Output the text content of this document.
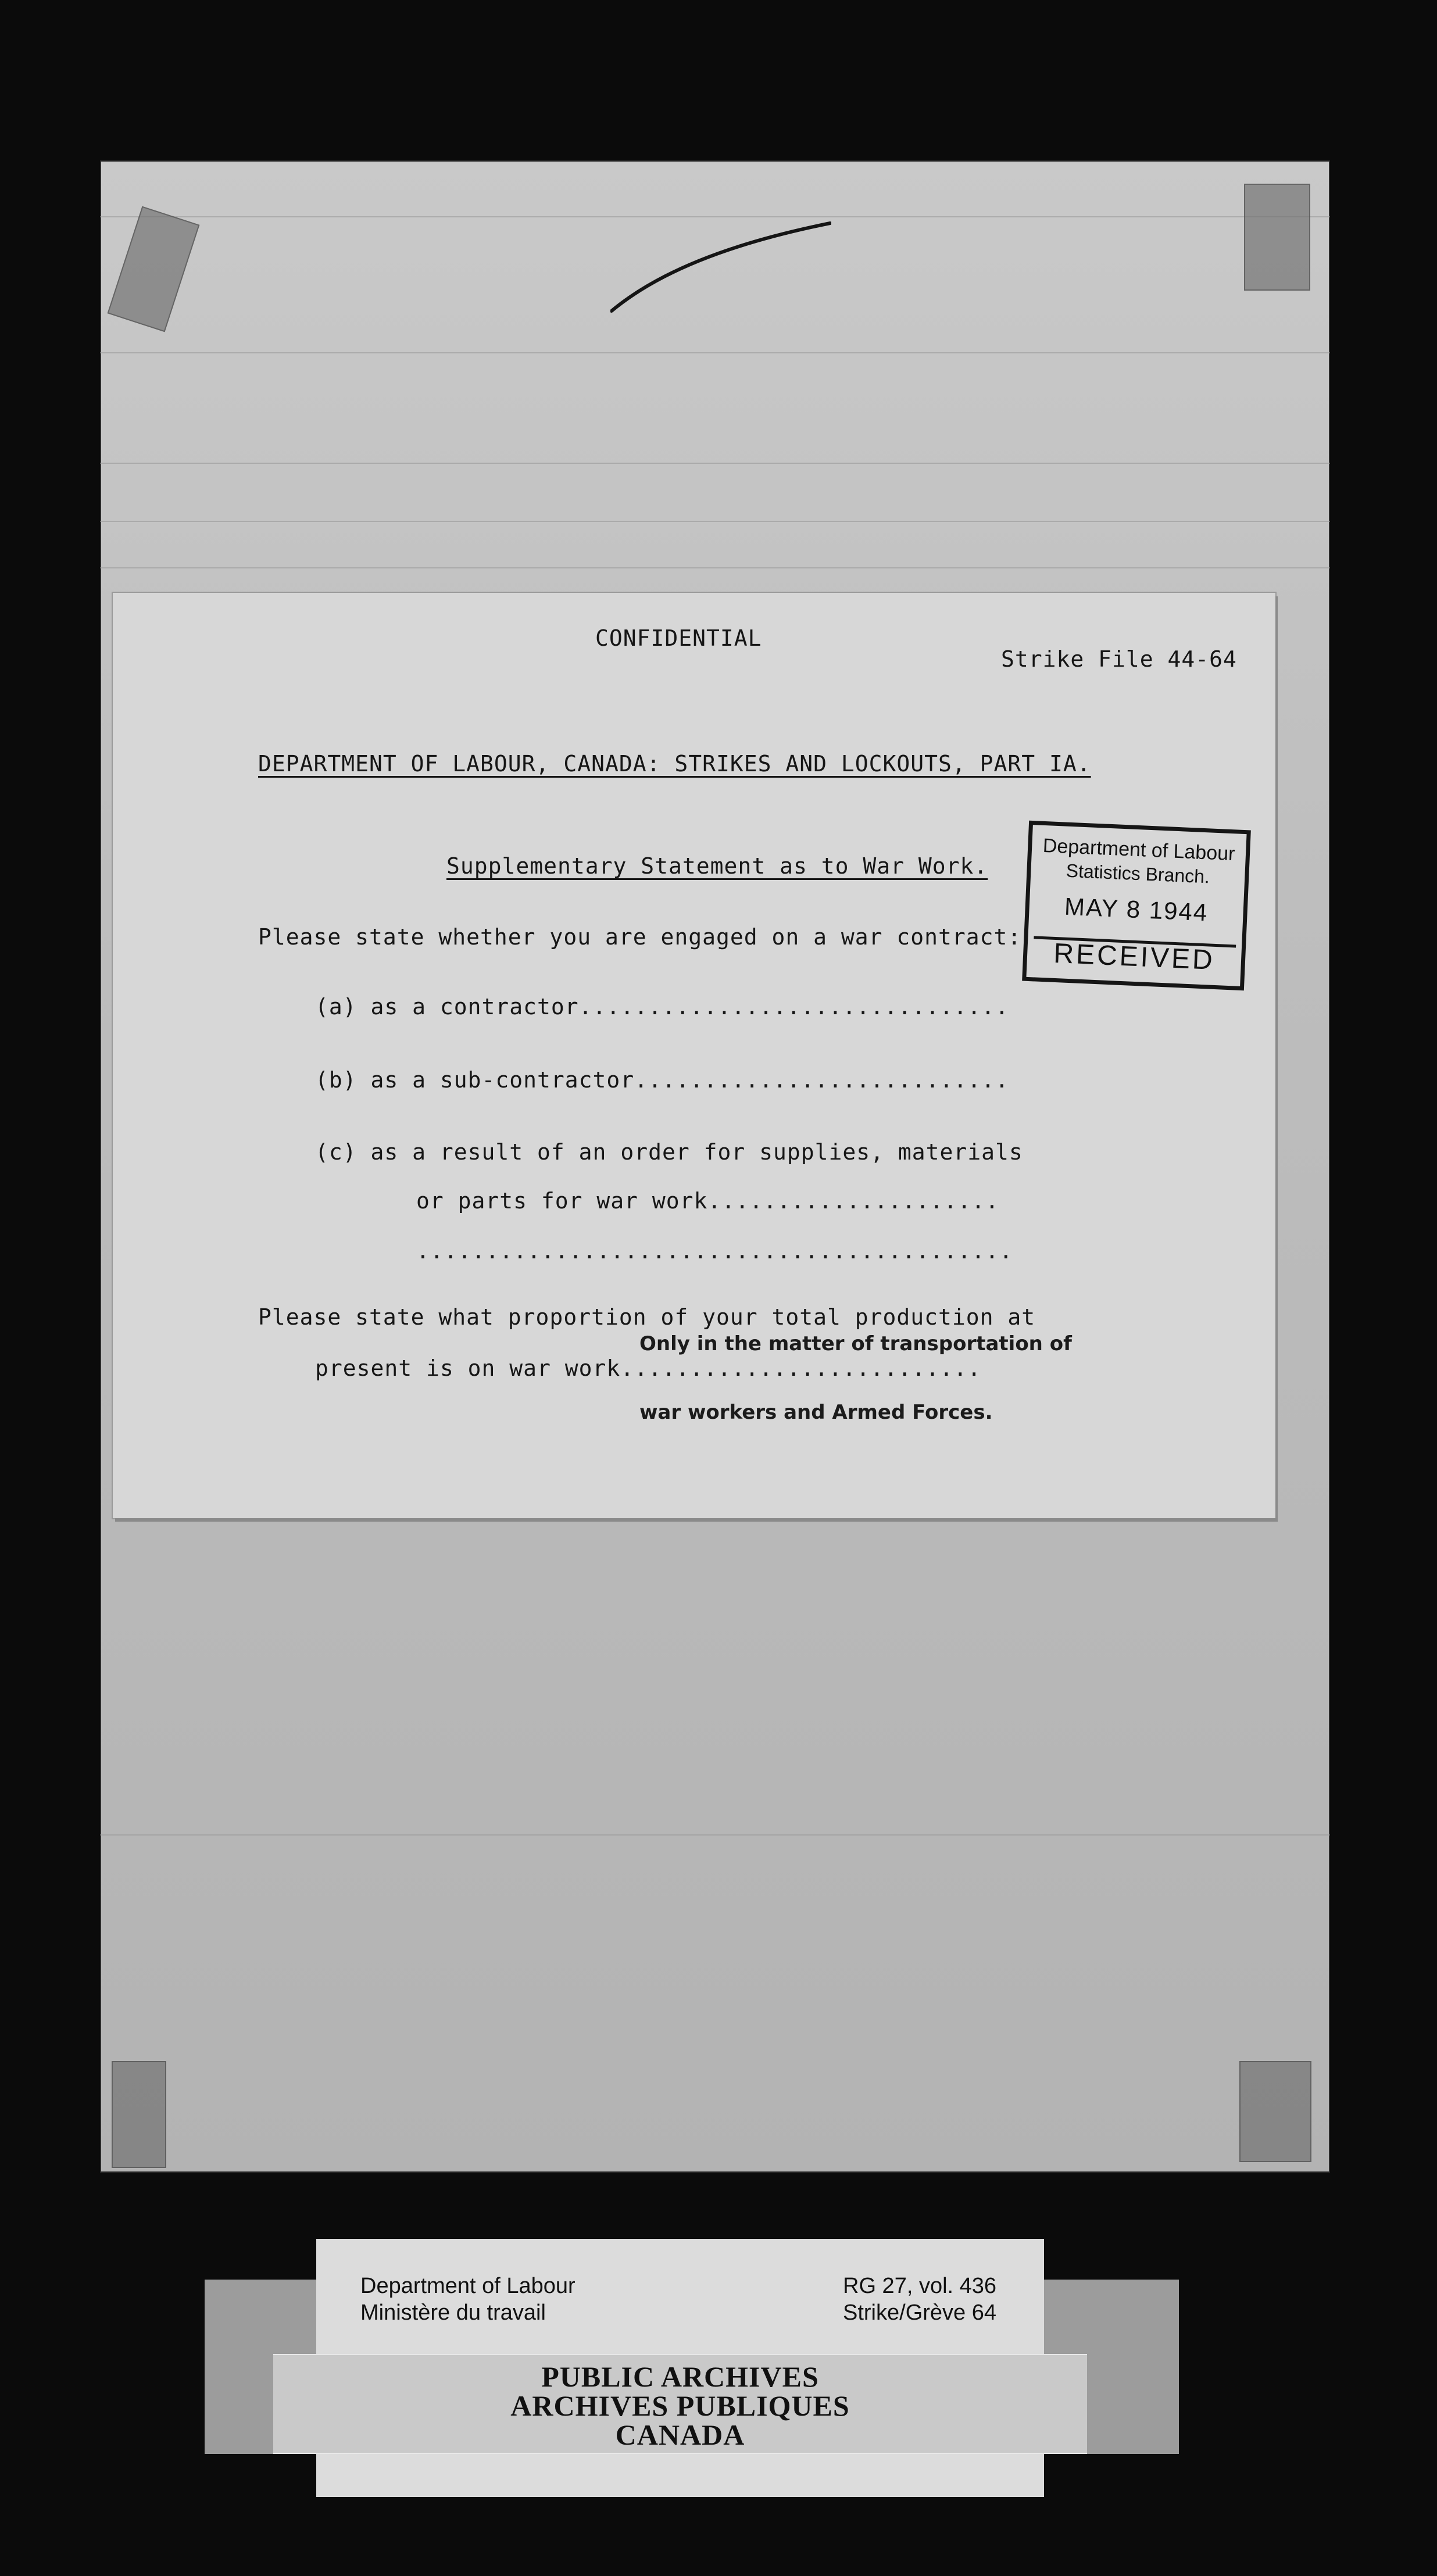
CONFIDENTIAL
Strike File 44-64
DEPARTMENT OF LABOUR, CANADA: STRIKES AND LOCKOUTS, PART IA.
Supplementary Statement as to War Work.
Please state whether you are engaged on a war contract:
(a) as a contractor...............................
(b) as a sub-contractor...........................
(c) as a result of an order for supplies, materials
or parts for war work.....................
...........................................
Please state what proportion of your total production at
present is on war work..........................
Only in the matter of transportation of
war workers and Armed Forces.
Department of Labour
Statistics Branch.
MAY 8 1944
RECEIVED
Department of Labour
Ministère du travail
RG 27, vol. 436
Strike/Grève 64
PUBLIC ARCHIVES
ARCHIVES PUBLIQUES
CANADA
